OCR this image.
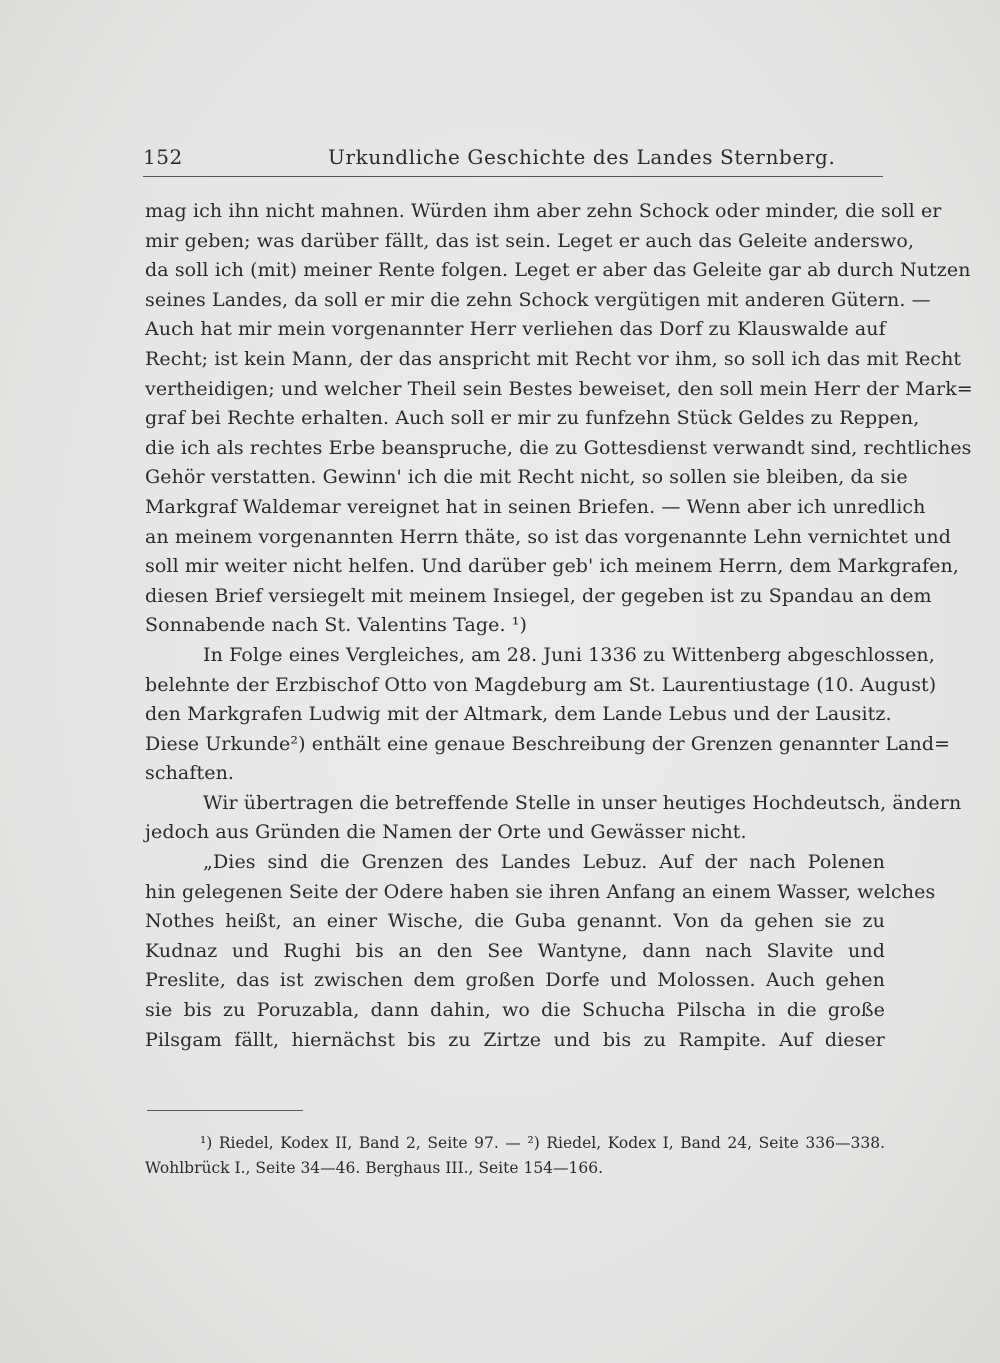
152	Urkundliche Geschichte des Landes Sternberg.
mag ich ihn nicht mahnen. Würden ihm aber zehn Schock oder minder, die soll er
mir geben; was darüber fällt, das ist sein. Leget er auch das Geleite anderswo,
da soll ich (mit) meiner Rente folgen. Leget er aber das Geleite gar ab durch Nutzen
seines Landes, da soll er mir die zehn Schock vergütigen mit anderen Gütern. —
Auch hat mir mein vorgenannter Herr verliehen das Dorf zu Klauswalde auf
Recht; ist kein Mann, der das anspricht mit Recht vor ihm, so soll ich das mit Recht
vertheidigen; und welcher Theil sein Bestes beweiset, den soll mein Herr der Mark=
graf bei Rechte erhalten. Auch soll er mir zu funfzehn Stück Geldes zu Reppen,
die ich als rechtes Erbe beanspruche, die zu Gottesdienst verwandt sind, rechtliches
Gehör verstatten. Gewinn' ich die mit Recht nicht, so sollen sie bleiben, da sie
Markgraf Waldemar vereignet hat in seinen Briefen. — Wenn aber ich unredlich
an meinem vorgenannten Herrn thäte, so ist das vorgenannte Lehn vernichtet und
soll mir weiter nicht helfen. Und darüber geb' ich meinem Herrn, dem Markgrafen,
diesen Brief versiegelt mit meinem Insiegel, der gegeben ist zu Spandau an dem
Sonnabende nach St. Valentins Tage. ¹)
In Folge eines Vergleiches, am 28. Juni 1336 zu Wittenberg abgeschlossen,
belehnte der Erzbischof Otto von Magdeburg am St. Laurentiustage (10. August)
den Markgrafen Ludwig mit der Altmark, dem Lande Lebus und der Lausitz.
Diese Urkunde²) enthält eine genaue Beschreibung der Grenzen genannter Land=
schaften.
Wir übertragen die betreffende Stelle in unser heutiges Hochdeutsch, ändern
jedoch aus Gründen die Namen der Orte und Gewässer nicht.
„Dies sind die Grenzen des Landes Lebuz. Auf der nach Polenen
hin gelegenen Seite der Odere haben sie ihren Anfang an einem Wasser, welches
Nothes heißt, an einer Wische, die Guba genannt. Von da gehen sie zu
Kudnaz und Rughi bis an den See Wantyne, dann nach Slavite und
Preslite, das ist zwischen dem großen Dorfe und Molossen. Auch gehen
sie bis zu Poruzabla, dann dahin, wo die Schucha Pilscha in die große
Pilsgam fällt, hiernächst bis zu Zirtze und bis zu Rampite. Auf dieser
¹) Riedel, Kodex II, Band 2, Seite 97. — ²) Riedel, Kodex I, Band 24, Seite 336—338.
Wohlbrück I., Seite 34—46. Berghaus III., Seite 154—166.
